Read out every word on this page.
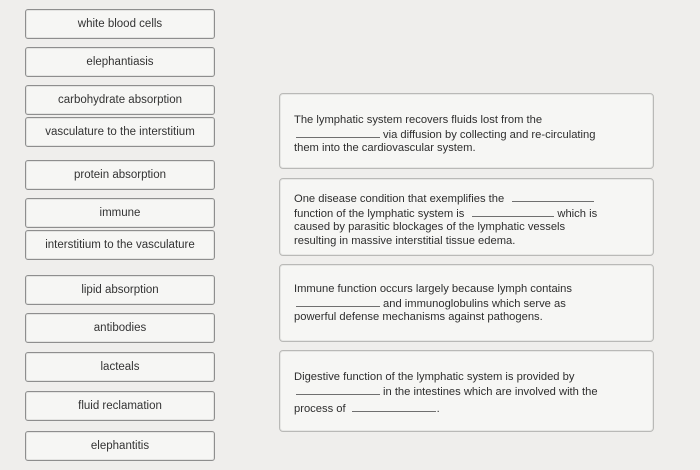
white blood cells
elephantiasis
carbohydrate absorption
vasculature to the interstitium
protein absorption
immune
interstitium to the vasculature
lipid absorption
antibodies
lacteals
fluid reclamation
elephantitis
The lymphatic system recovers fluids lost from the
via diffusion by collecting and re-circulating
them into the cardiovascular system.
One disease condition that exemplifies the
function of the lymphatic system is	which is
caused by parasitic blockages of the lymphatic vessels
resulting in massive interstitial tissue edema.
Immune function occurs largely because lymph contains
and immunoglobulins which serve as
powerful defense mechanisms against pathogens.
Digestive function of the lymphatic system is provided by
in the intestines which are involved with the
process of	.
